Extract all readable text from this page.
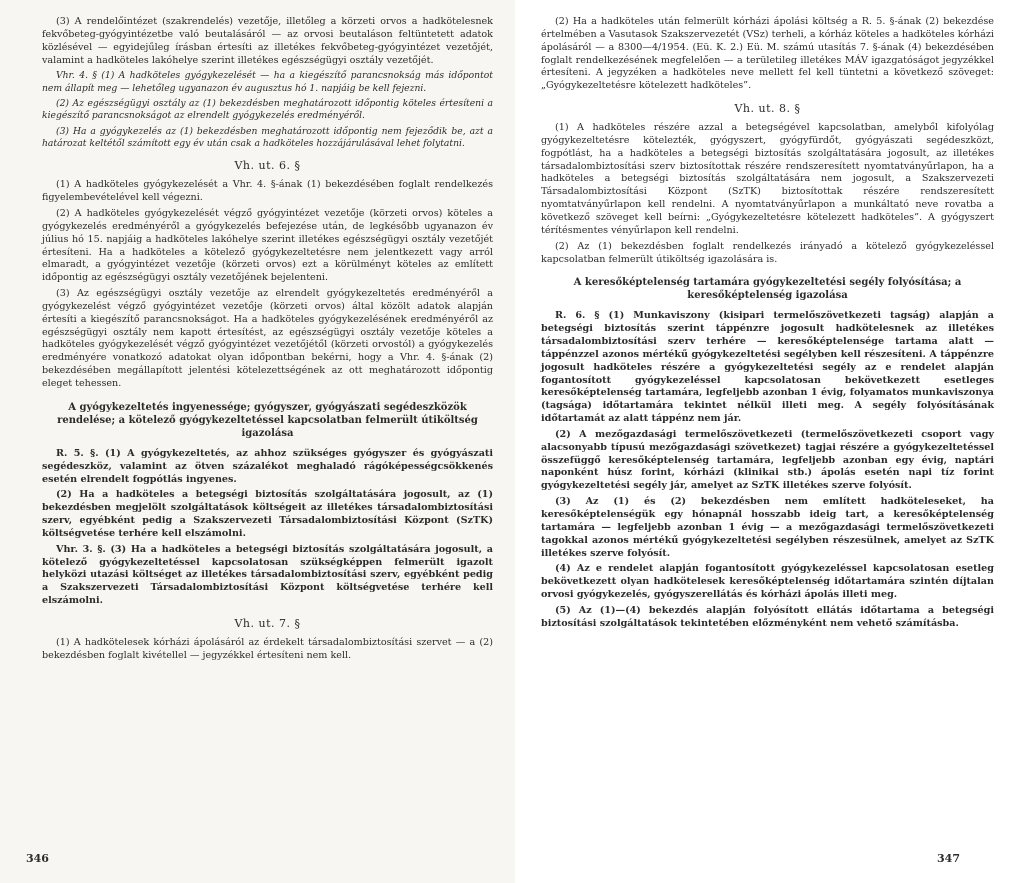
(3) A rendelőintézet (szakrendelés) vezetője, illetőleg a körzeti orvos a hadkötelesnek fekvőbeteg-gyógyintézetbe való beutalásáról — az orvosi beutaláson feltüntetett adatok közlésével — egyidejűleg írásban értesíti az illetékes fekvőbeteg-gyógyintézet vezetőjét, valamint a hadköteles lakóhelye szerint illetékes egészségügyi osztály vezetőjét.

Vhr. 4. § (1) A hadköteles gyógykezelését — ha a kiegészítő parancsnokság más időpontot nem állapít meg — lehetőleg ugyanazon év augusztus hó 1. napjáig be kell fejezni.

(2) Az egészségügyi osztály az (1) bekezdésben meghatározott időpontig köteles értesíteni a kiegészítő parancsnokságot az elrendelt gyógykezelés eredményéről.

(3) Ha a gyógykezelés az (1) bekezdésben meghatározott időpontig nem fejeződik be, azt a határozat keltétől számított egy év után csak a hadköteles hozzájárulásával lehet folytatni.

Vh. ut. 6. §

(1) A hadköteles gyógykezelését a Vhr. 4. §-ának (1) bekezdésében foglalt rendelkezés figyelembevételével kell végezni.

(2) A hadköteles gyógykezelését végző gyógyintézet vezetője (körzeti orvos) köteles a gyógykezelés eredményéről a gyógykezelés befejezése után, de legkésőbb ugyanazon év július hó 15. napjáig a hadköteles lakóhelye szerint illetékes egészségügyi osztály vezetőjét értesíteni. Ha a hadköteles a kötelező gyógykezeltetésre nem jelentkezett vagy arról elmaradt, a gyógyintézet vezetője (körzeti orvos) ezt a körülményt köteles az említett időpontig az egészségügyi osztály vezetőjének bejelenteni.

(3) Az egészségügyi osztály vezetője az elrendelt gyógykezeltetés eredményéről a gyógykezelést végző gyógyintézet vezetője (körzeti orvos) által közölt adatok alapján értesíti a kiegészítő parancsnokságot. Ha a hadköteles gyógykezelésének eredményéről az egészségügyi osztály nem kapott értesítést, az egészségügyi osztály vezetője köteles a hadköteles gyógykezelését végző gyógyintézet vezetőjétől (körzeti orvostól) a gyógykezelés eredményére vonatkozó adatokat olyan időpontban bekérni, hogy a Vhr. 4. §-ának (2) bekezdésében megállapított jelentési kötelezettségének az ott meghatározott időpontig eleget tehessen.

A gyógykezeltetés ingyenessége; gyógyszer, gyógyászati segédeszközök rendelése; a kötelező gyógykezeltetéssel kapcsolatban felmerült útiköltség igazolása

R. 5. §. (1) A gyógykezeltetés, az ahhoz szükséges gyógyszer és gyógyászati segédeszköz, valamint az ötven százalékot meghaladó rágóképességcsökkenés esetén elrendelt fogpótlás ingyenes.

(2) Ha a hadköteles a betegségi biztosítás szolgáltatására jogosult, az (1) bekezdésben megjelölt szolgáltatások költségeit az illetékes társadalombiztosítási szerv, egyébként pedig a Szakszervezeti Társadalombiztosítási Központ (SzTK) költségvetése terhére kell elszámolni.

Vhr. 3. §. (3) Ha a hadköteles a betegségi biztosítás szolgáltatására jogosult, a kötelező gyógykezeltetéssel kapcsolatosan szükségképpen felmerült igazolt helyközi utazási költséget az illetékes társadalombiztosítási szerv, egyébként pedig a Szakszervezeti Társadalombiztosítási Központ költségvetése terhére kell elszámolni.

Vh. ut. 7. §

(1) A hadkötelesek kórházi ápolásáról az érdekelt társadalombiztosítási szervet — a (2) bekezdésben foglalt kivétellel — jegyzékkel értesíteni nem kell.

346

(2) Ha a hadköteles után felmerült kórházi ápolási költség a R. 5. §-ának (2) bekezdése értelmében a Vasutasok Szakszervezetét (VSz) terheli, a kórház köteles a hadköteles kórházi ápolásáról — a 8300—4/1954. (Eü. K. 2.) Eü. M. számú utasítás 7. §-ának (4) bekezdésében foglalt rendelkezésének megfelelően — a területileg illetékes MÁV igazgatóságot jegyzékkel értesíteni. A jegyzéken a hadköteles neve mellett fel kell tüntetni a következő szöveget: „Gyógykezeltetésre kötelezett hadköteles”.

Vh. ut. 8. §

(1) A hadköteles részére azzal a betegségével kapcsolatban, amelyből kifolyólag gyógykezeltetésre kötelezték, gyógyszert, gyógyfürdőt, gyógyászati segédeszközt, fogpótlást, ha a hadköteles a betegségi biztosítás szolgáltatására jogosult, az illetékes társadalombiztosítási szerv biztosítottak részére rendszeresített nyomtatványűrlapon, ha a hadköteles a betegségi biztosítás szolgáltatására nem jogosult, a Szakszervezeti Társadalombiztosítási Központ (SzTK) biztosítottak részére rendszeresített nyomtatványűrlapon kell rendelni. A nyomtatványűrlapon a munkáltató neve rovatba a következő szöveget kell beírni: „Gyógykezeltetésre kötelezett hadköteles”. A gyógyszert térítésmentes vényűrlapon kell rendelni.

(2) Az (1) bekezdésben foglalt rendelkezés irányadó a kötelező gyógykezeléssel kapcsolatban felmerült útiköltség igazolására is.

A keresőképtelenség tartamára gyógykezeltetési segély folyósítása; a keresőképtelenség igazolása

R. 6. § (1) Munkaviszony (kisipari termelőszövetkezeti tagság) alapján a betegségi biztosítás szerint táppénzre jogosult hadkötelesnek az illetékes társadalombiztosítási szerv terhére — keresőképtelensége tartama alatt — táppénzzel azonos mértékű gyógykezeltetési segélyben kell részesíteni. A táppénzre jogosult hadköteles részére a gyógykezeltetési segély az e rendelet alapján fogantosított gyógykezeléssel kapcsolatosan bekövetkezett esetleges keresőképtelenség tartamára, legfeljebb azonban 1 évig, folyamatos munkaviszonya (tagsága) időtartamára tekintet nélkül illeti meg. A segély folyósításának időtartamát az alatt táppénz nem jár.

(2) A mezőgazdasági termelőszövetkezeti (termelőszövetkezeti csoport vagy alacsonyabb típusú mezőgazdasági szövetkezet) tagjai részére a gyógykezeltetéssel összefüggő keresőképtelenség tartamára, legfeljebb azonban egy évig, naptári naponként húsz forint, kórházi (klinikai stb.) ápolás esetén napi tíz forint gyógykezeltetési segély jár, amelyet az SzTK illetékes szerve folyósít.

(3) Az (1) és (2) bekezdésben nem említett hadköteleseket, ha keresőképtelenségük egy hónapnál hosszabb ideig tart, a keresőképtelenség tartamára — legfeljebb azonban 1 évig — a mezőgazdasági termelőszövetkezeti tagokkal azonos mértékű gyógykezeltetési segélyben részesülnek, amelyet az SzTK illetékes szerve folyósít.

(4) Az e rendelet alapján fogantosított gyógykezeléssel kapcsolatosan esetleg bekövetkezett olyan hadkötelesek keresőképtelenség időtartamára szintén díjtalan orvosi gyógykezelés, gyógyszerellátás és kórházi ápolás illeti meg.

(5) Az (1)—(4) bekezdés alapján folyósított ellátás időtartama a betegségi biztosítási szolgáltatások tekintetében előzményként nem vehető számításba.

347
